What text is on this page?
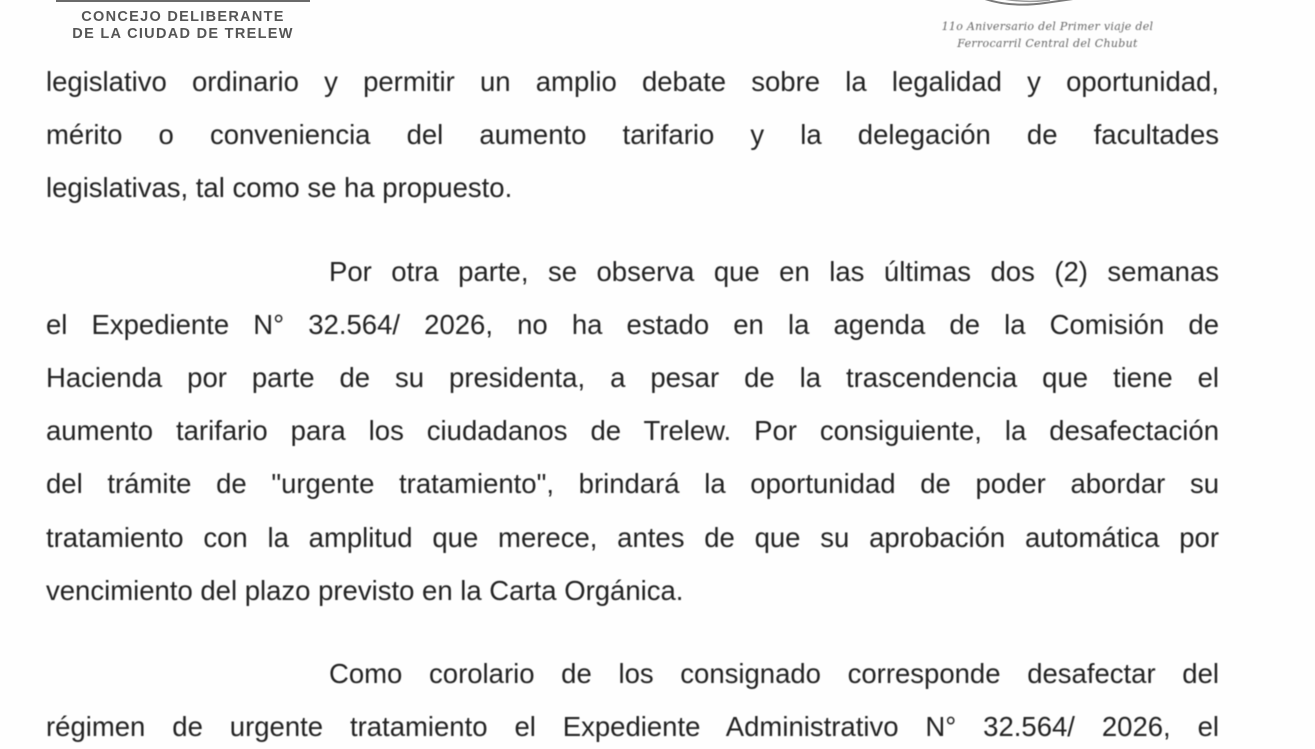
CONCEJO DELIBERANTE
DE LA CIUDAD DE TRELEW	11o Aniversario del Primer viaje del
Ferrocarril Central del Chubut

legislativo ordinario y permitir un amplio debate sobre la legalidad y oportunidad,
mérito o conveniencia del aumento tarifario y la delegación de facultades
legislativas, tal como se ha propuesto.

Por otra parte, se observa que en las últimas dos (2) semanas
el Expediente N° 32.564/ 2026, no ha estado en la agenda de la Comisión de
Hacienda por parte de su presidenta, a pesar de la trascendencia que tiene el
aumento tarifario para los ciudadanos de Trelew. Por consiguiente, la desafectación
del trámite de "urgente tratamiento", brindará la oportunidad de poder abordar su
tratamiento con la amplitud que merece, antes de que su aprobación automática por
vencimiento del plazo previsto en la Carta Orgánica.

Como corolario de los consignado corresponde desafectar del
régimen de urgente tratamiento el Expediente Administrativo N° 32.564/ 2026, el
